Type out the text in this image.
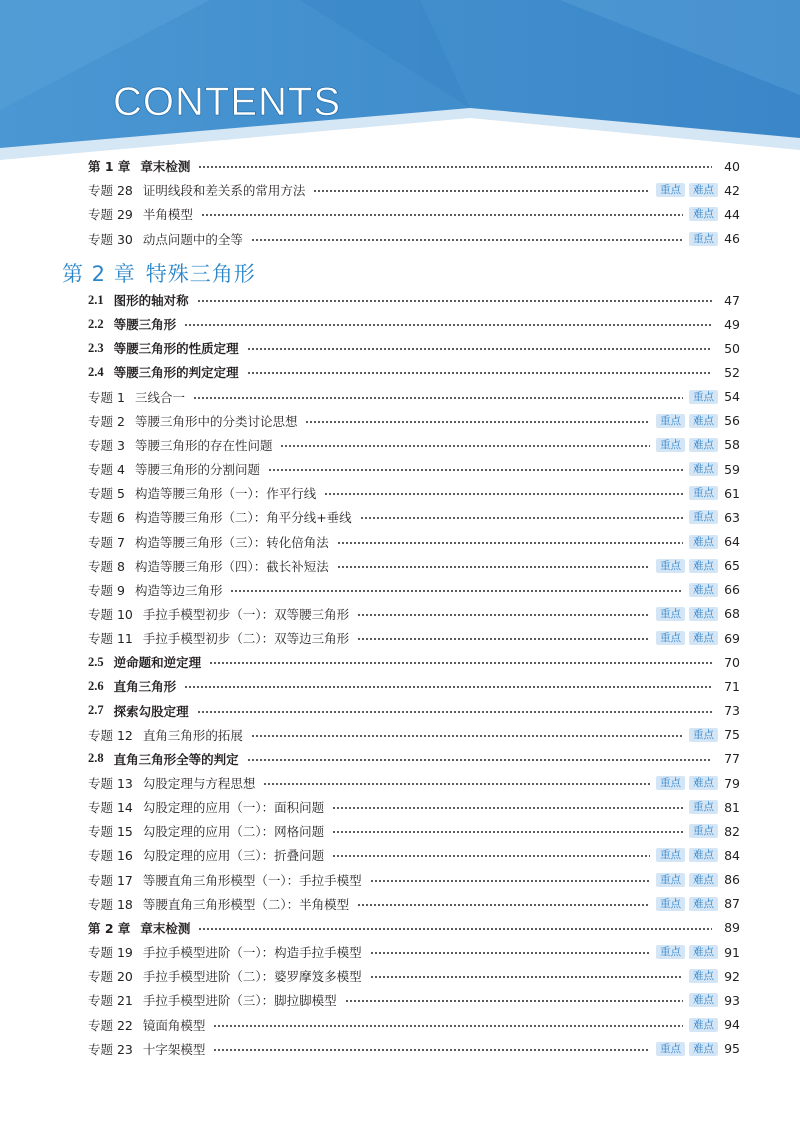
CONTENTS
第 2 章 特殊三角形
第 1 章 章末检测	40
专题 28 证明线段和差关系的常用方法	重点	难点 42
专题 29 半角模型	难点 44
专题 30 动点问题中的全等	重点 46
2.1 图形的轴对称	47
2.2 等腰三角形	49
2.3 等腰三角形的性质定理	50
2.4 等腰三角形的判定定理	52
专题 1 三线合一	重点 54
专题 2 等腰三角形中的分类讨论思想	重点	难点 56
专题 3 等腰三角形的存在性问题	重点	难点 58
专题 4 等腰三角形的分割问题	难点 59
专题 5 构造等腰三角形（一）：作平行线	重点 61
专题 6 构造等腰三角形（二）：角平分线+垂线	重点 63
专题 7 构造等腰三角形（三）：转化倍角法	难点 64
专题 8 构造等腰三角形（四）：截长补短法	重点	难点 65
专题 9 构造等边三角形	难点 66
专题 10 手拉手模型初步（一）：双等腰三角形	重点	难点 68
专题 11 手拉手模型初步（二）：双等边三角形	重点	难点 69
2.5 逆命题和逆定理	70
2.6 直角三角形	71
2.7 探索勾股定理	73
专题 12 直角三角形的拓展	重点 75
2.8 直角三角形全等的判定	77
专题 13 勾股定理与方程思想	重点	难点 79
专题 14 勾股定理的应用（一）：面积问题	重点 81
专题 15 勾股定理的应用（二）：网格问题	重点 82
专题 16 勾股定理的应用（三）：折叠问题	重点	难点 84
专题 17 等腰直角三角形模型（一）：手拉手模型	重点	难点 86
专题 18 等腰直角三角形模型（二）：半角模型	重点	难点 87
第 2 章 章末检测	89
专题 19 手拉手模型进阶（一）：构造手拉手模型	重点	难点 91
专题 20 手拉手模型进阶（二）：婆罗摩笈多模型	难点 92
专题 21 手拉手模型进阶（三）：脚拉脚模型	难点 93
专题 22 镜面角模型	难点 94
专题 23 十字架模型	重点	难点 95
